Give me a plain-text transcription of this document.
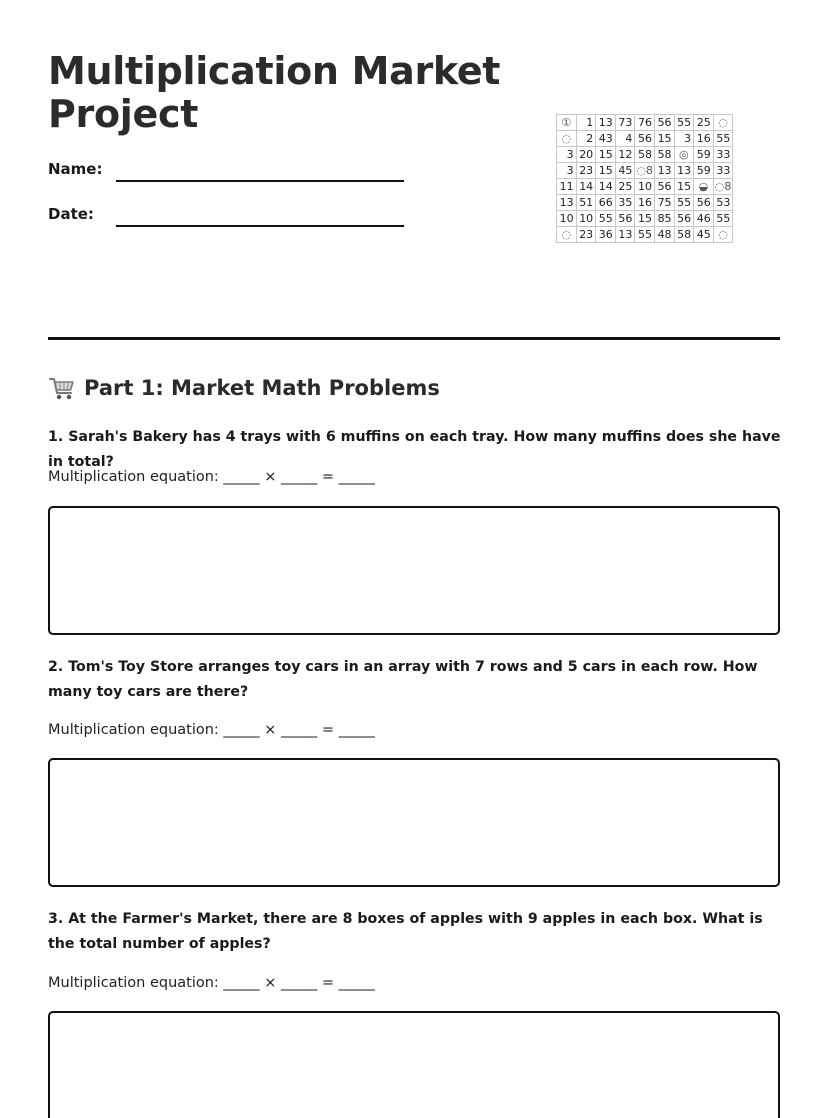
Multiplication Market Project
Name:
Date:
①	1	13	73	76	56	55	25	◌
◌	2	43	4	56	15	3	16	55
3	20	15	12	58	58	◎	59	33
3	23	15	45	◌8	13	13	59	33
11	14	14	25	10	56	15	◒	◌8
13	51	66	35	16	75	55	56	53
10	10	55	56	15	85	56	46	55
◌	23	36	13	55	48	58	45	◌
Part 1: Market Math Problems

1. Sarah's Bakery has 4 trays with 6 muffins on each tray. How many muffins does she have in total?

Multiplication equation: _____ × _____ = _____

2. Tom's Toy Store arranges toy cars in an array with 7 rows and 5 cars in each row. How many toy cars are there?

Multiplication equation: _____ × _____ = _____

3. At the Farmer's Market, there are 8 boxes of apples with 9 apples in each box. What is the total number of apples?

Multiplication equation: _____ × _____ = _____
